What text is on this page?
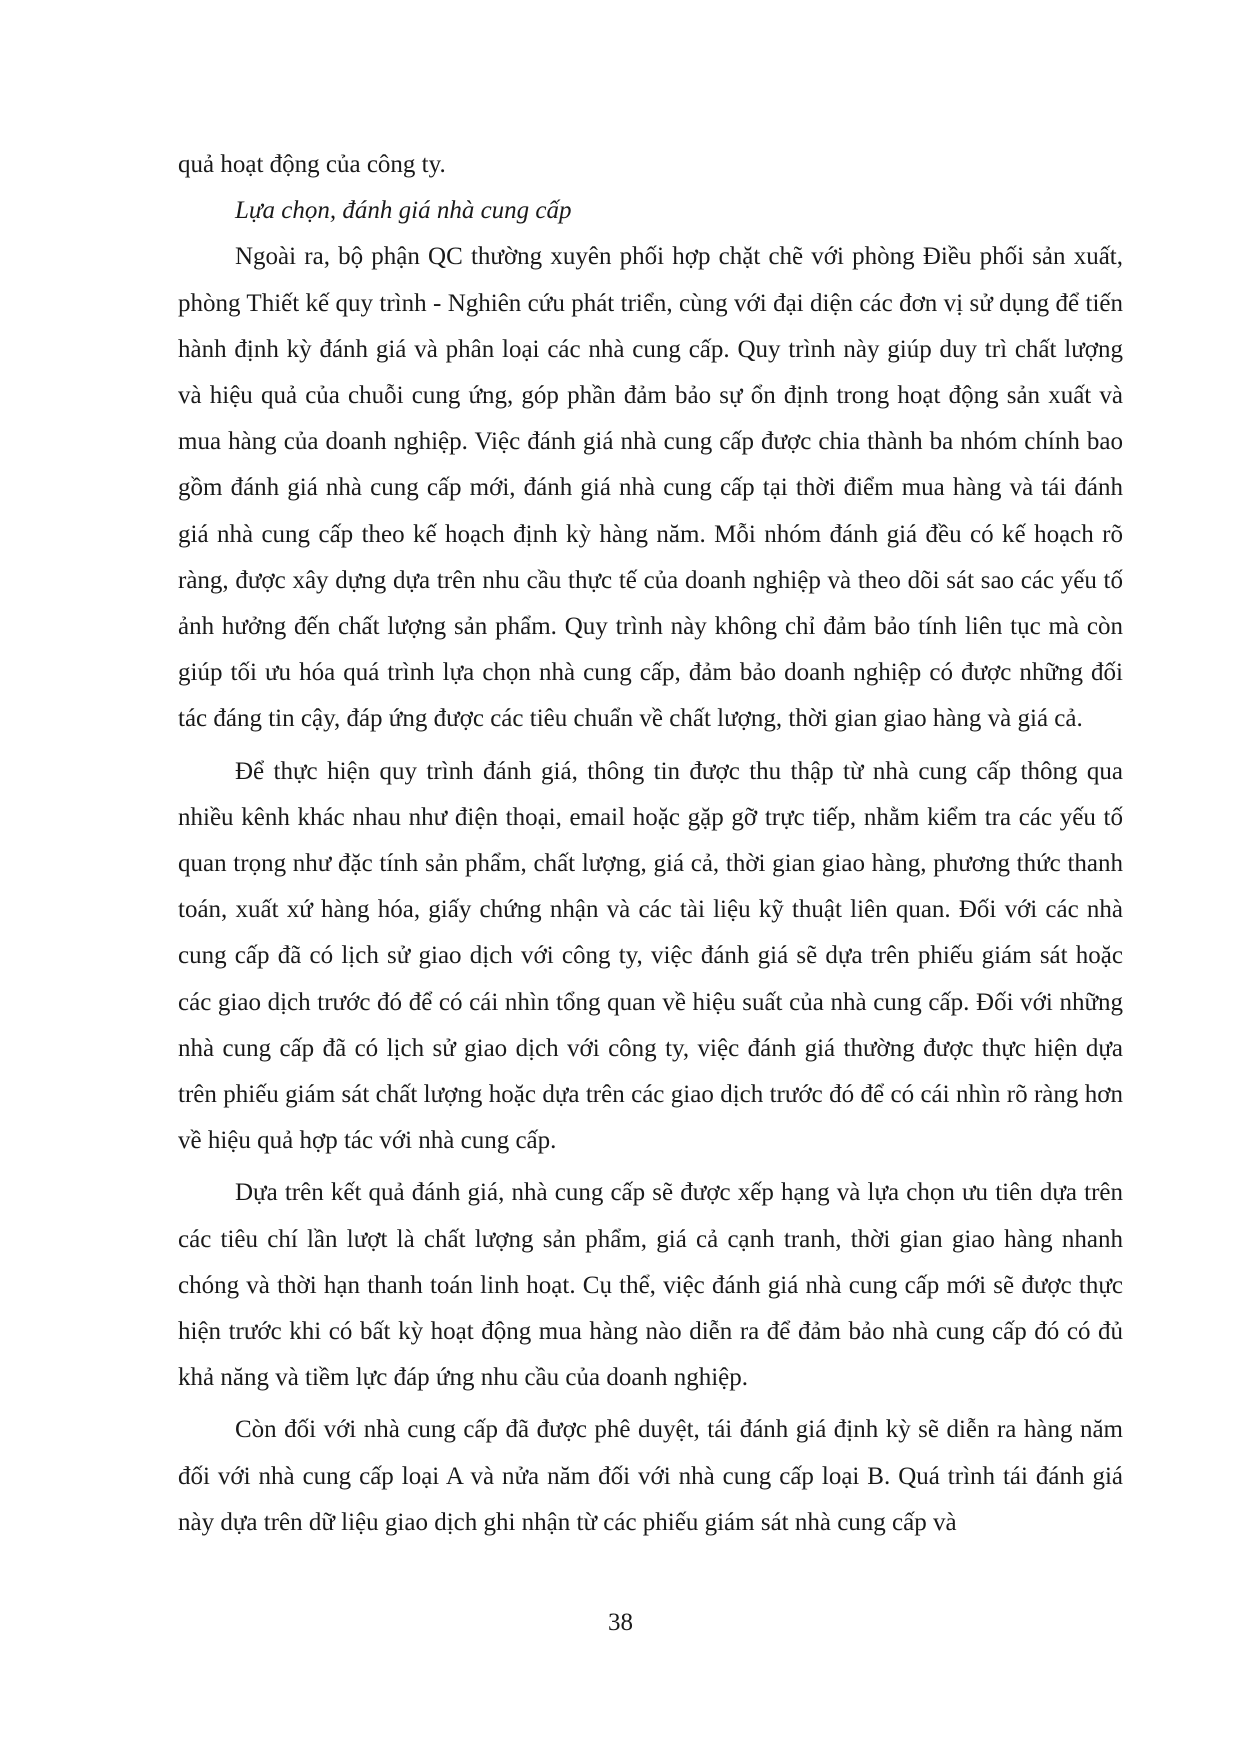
quả hoạt động của công ty.

Lựa chọn, đánh giá nhà cung cấp

Ngoài ra, bộ phận QC thường xuyên phối hợp chặt chẽ với phòng Điều phối sản xuất, phòng Thiết kế quy trình - Nghiên cứu phát triển, cùng với đại diện các đơn vị sử dụng để tiến hành định kỳ đánh giá và phân loại các nhà cung cấp. Quy trình này giúp duy trì chất lượng và hiệu quả của chuỗi cung ứng, góp phần đảm bảo sự ổn định trong hoạt động sản xuất và mua hàng của doanh nghiệp. Việc đánh giá nhà cung cấp được chia thành ba nhóm chính bao gồm đánh giá nhà cung cấp mới, đánh giá nhà cung cấp tại thời điểm mua hàng và tái đánh giá nhà cung cấp theo kế hoạch định kỳ hàng năm. Mỗi nhóm đánh giá đều có kế hoạch rõ ràng, được xây dựng dựa trên nhu cầu thực tế của doanh nghiệp và theo dõi sát sao các yếu tố ảnh hưởng đến chất lượng sản phẩm. Quy trình này không chỉ đảm bảo tính liên tục mà còn giúp tối ưu hóa quá trình lựa chọn nhà cung cấp, đảm bảo doanh nghiệp có được những đối tác đáng tin cậy, đáp ứng được các tiêu chuẩn về chất lượng, thời gian giao hàng và giá cả.

Để thực hiện quy trình đánh giá, thông tin được thu thập từ nhà cung cấp thông qua nhiều kênh khác nhau như điện thoại, email hoặc gặp gỡ trực tiếp, nhằm kiểm tra các yếu tố quan trọng như đặc tính sản phẩm, chất lượng, giá cả, thời gian giao hàng, phương thức thanh toán, xuất xứ hàng hóa, giấy chứng nhận và các tài liệu kỹ thuật liên quan. Đối với các nhà cung cấp đã có lịch sử giao dịch với công ty, việc đánh giá sẽ dựa trên phiếu giám sát hoặc các giao dịch trước đó để có cái nhìn tổng quan về hiệu suất của nhà cung cấp. Đối với những nhà cung cấp đã có lịch sử giao dịch với công ty, việc đánh giá thường được thực hiện dựa trên phiếu giám sát chất lượng hoặc dựa trên các giao dịch trước đó để có cái nhìn rõ ràng hơn về hiệu quả hợp tác với nhà cung cấp.

Dựa trên kết quả đánh giá, nhà cung cấp sẽ được xếp hạng và lựa chọn ưu tiên dựa trên các tiêu chí lần lượt là chất lượng sản phẩm, giá cả cạnh tranh, thời gian giao hàng nhanh chóng và thời hạn thanh toán linh hoạt. Cụ thể, việc đánh giá nhà cung cấp mới sẽ được thực hiện trước khi có bất kỳ hoạt động mua hàng nào diễn ra để đảm bảo nhà cung cấp đó có đủ khả năng và tiềm lực đáp ứng nhu cầu của doanh nghiệp.

Còn đối với nhà cung cấp đã được phê duyệt, tái đánh giá định kỳ sẽ diễn ra hàng năm đối với nhà cung cấp loại A và nửa năm đối với nhà cung cấp loại B. Quá trình tái đánh giá này dựa trên dữ liệu giao dịch ghi nhận từ các phiếu giám sát nhà cung cấp và

38
